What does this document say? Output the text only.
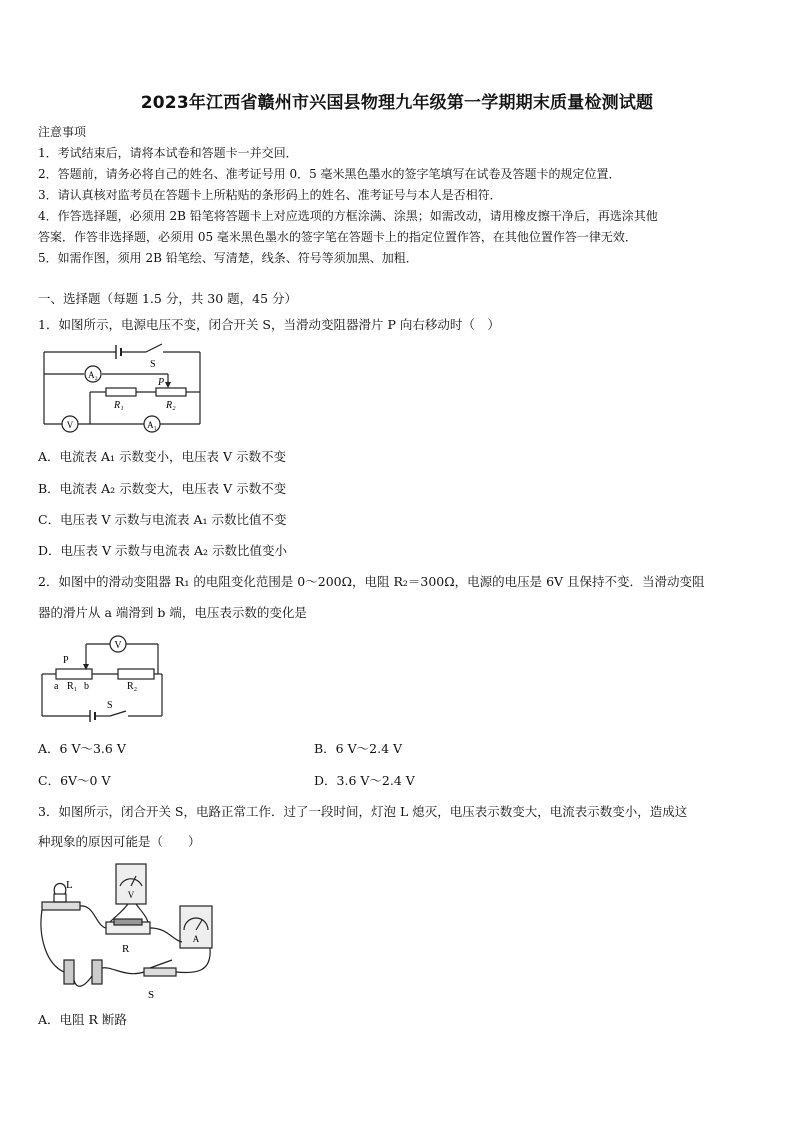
2023年江西省赣州市兴国县物理九年级第一学期期末质量检测试题
注意事项
1．考试结束后，请将本试卷和答题卡一并交回．
2．答题前，请务必将自己的姓名、准考证号用 0．5 毫米黑色墨水的签字笔填写在试卷及答题卡的规定位置．
3．请认真核对监考员在答题卡上所粘贴的条形码上的姓名、准考证号与本人是否相符．
4．作答选择题，必须用 2B 铅笔将答题卡上对应选项的方框涂满、涂黑；如需改动，请用橡皮擦干净后，再选涂其他
答案．作答非选择题，必须用 05 毫米黑色墨水的签字笔在答题卡上的指定位置作答，在其他位置作答一律无效．
5．如需作图，须用 2B 铅笔绘、写清楚，线条、符号等须加黑、加粗．
一、选择题（每题 1.5 分，共 30 题，45 分）
1．如图所示，电源电压不变，闭合开关 S，当滑动变阻器滑片 P 向右移动时（　）
S
A₂
P
R₁	R₂
V	A₁
A．电流表 A₁ 示数变小，电压表 V 示数不变
B．电流表 A₂ 示数变大，电压表 V 示数不变
C．电压表 V 示数与电流表 A₁ 示数比值不变
D．电压表 V 示数与电流表 A₂ 示数比值变小
2．如图中的滑动变阻器 R₁ 的电阻变化范围是 0～200Ω，电阻 R₂＝300Ω，电源的电压是 6V 且保持不变．当滑动变阻
器的滑片从 a 端滑到 b 端，电压表示数的变化是
V
P
a R₁ b	R₂
S
A．6 V～3.6 V	B．6 V～2.4 V
C．6V～0 V	D．3.6 V～2.4 V
3．如图所示，闭合开关 S，电路正常工作．过了一段时间，灯泡 L 熄灭，电压表示数变大，电流表示数变小，造成这
种现象的原因可能是（　　）
L
V
A
R
S
A．电阻 R 断路
